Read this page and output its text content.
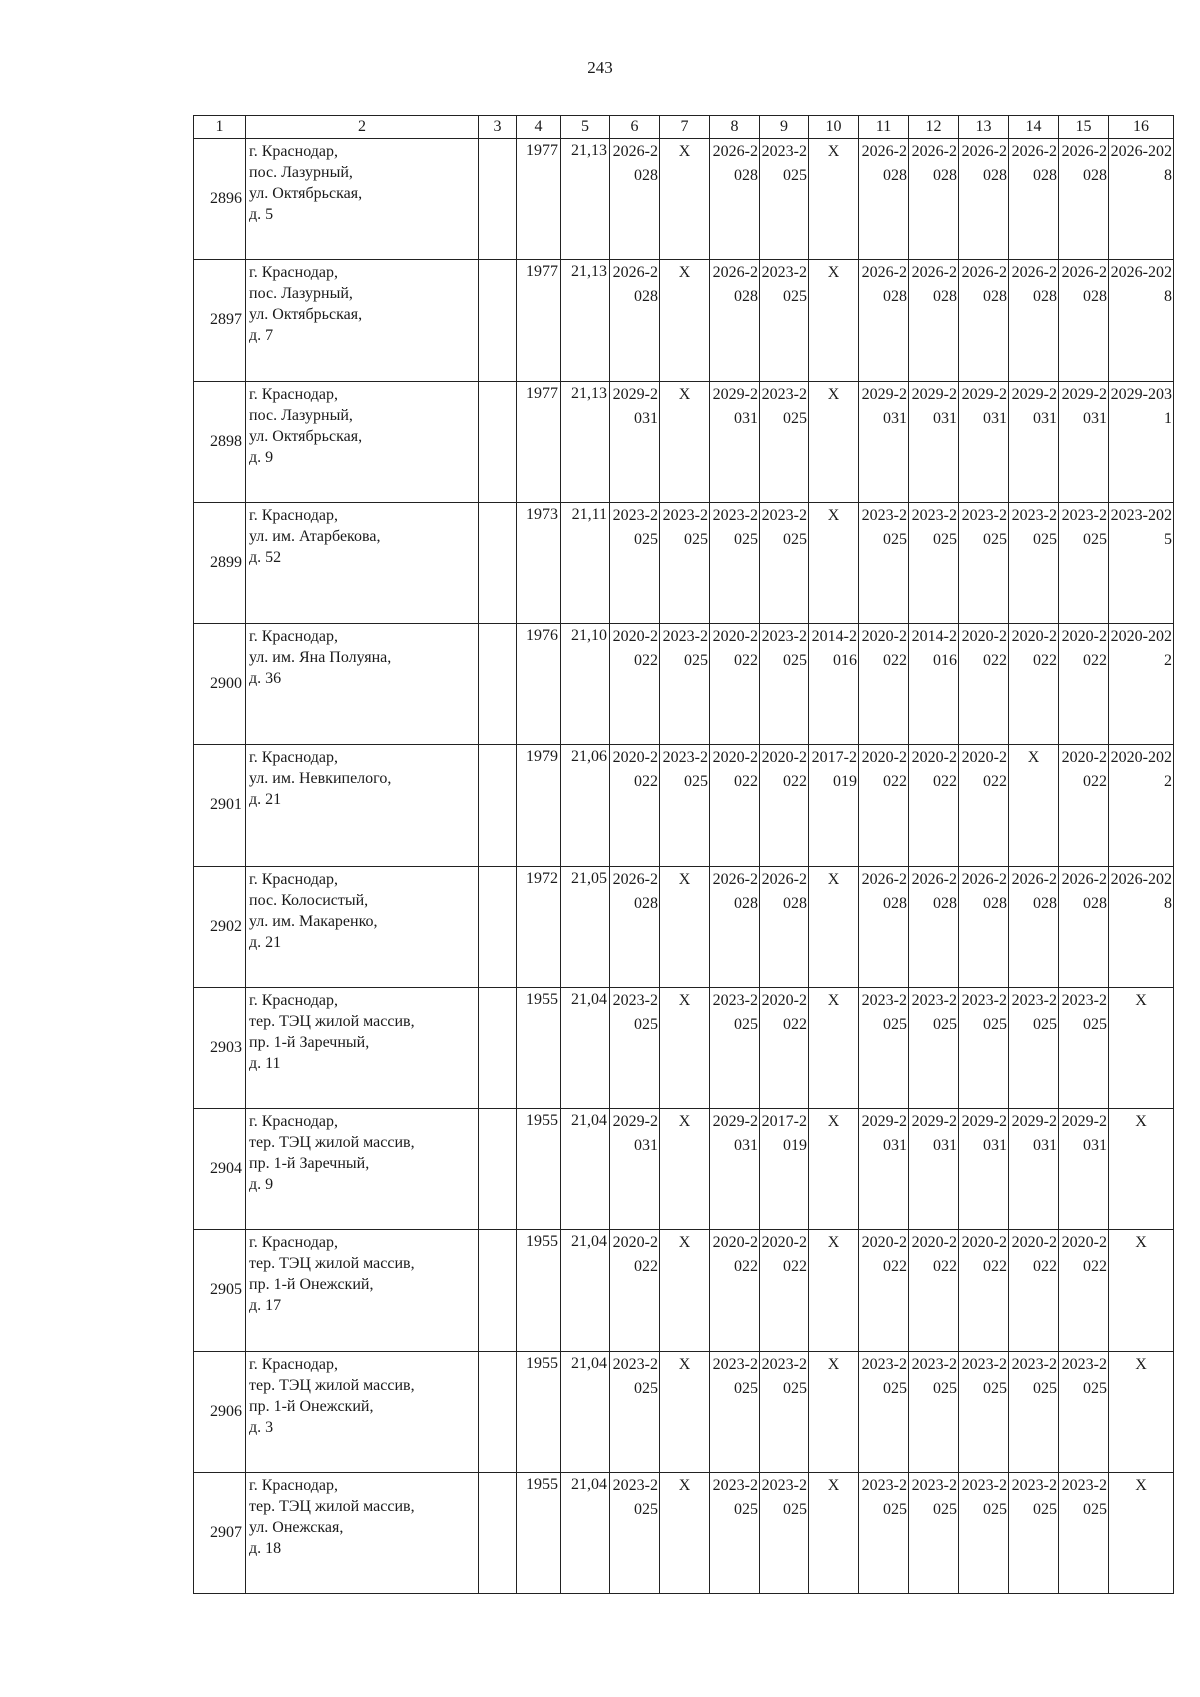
243
1	2	3	4	5	6	7	8	9	10	11	12	13	14	15	16
2896	г. Краснодар,
пос. Лазурный,
ул. Октябрьская,
д. 5		1977	21,13	2026-2028	X	2026-2028	2023-2025	X	2026-2028	2026-2028	2026-2028	2026-2028	2026-2028	2026-2028
2897	г. Краснодар,
пос. Лазурный,
ул. Октябрьская,
д. 7		1977	21,13	2026-2028	X	2026-2028	2023-2025	X	2026-2028	2026-2028	2026-2028	2026-2028	2026-2028	2026-2028
2898	г. Краснодар,
пос. Лазурный,
ул. Октябрьская,
д. 9		1977	21,13	2029-2031	X	2029-2031	2023-2025	X	2029-2031	2029-2031	2029-2031	2029-2031	2029-2031	2029-2031
2899	г. Краснодар,
ул. им. Атарбекова,
д. 52		1973	21,11	2023-2025	2023-2025	2023-2025	2023-2025	X	2023-2025	2023-2025	2023-2025	2023-2025	2023-2025	2023-2025
2900	г. Краснодар,
ул. им. Яна Полуяна,
д. 36		1976	21,10	2020-2022	2023-2025	2020-2022	2023-2025	2014-2016	2020-2022	2014-2016	2020-2022	2020-2022	2020-2022	2020-2022
2901	г. Краснодар,
ул. им. Невкипелого,
д. 21		1979	21,06	2020-2022	2023-2025	2020-2022	2020-2022	2017-2019	2020-2022	2020-2022	2020-2022	X	2020-2022	2020-2022
2902	г. Краснодар,
пос. Колосистый,
ул. им. Макаренко,
д. 21		1972	21,05	2026-2028	X	2026-2028	2026-2028	X	2026-2028	2026-2028	2026-2028	2026-2028	2026-2028	2026-2028
2903	г. Краснодар,
тер. ТЭЦ жилой массив,
пр. 1-й Заречный,
д. 11		1955	21,04	2023-2025	X	2023-2025	2020-2022	X	2023-2025	2023-2025	2023-2025	2023-2025	2023-2025	X
2904	г. Краснодар,
тер. ТЭЦ жилой массив,
пр. 1-й Заречный,
д. 9		1955	21,04	2029-2031	X	2029-2031	2017-2019	X	2029-2031	2029-2031	2029-2031	2029-2031	2029-2031	X
2905	г. Краснодар,
тер. ТЭЦ жилой массив,
пр. 1-й Онежский,
д. 17		1955	21,04	2020-2022	X	2020-2022	2020-2022	X	2020-2022	2020-2022	2020-2022	2020-2022	2020-2022	X
2906	г. Краснодар,
тер. ТЭЦ жилой массив,
пр. 1-й Онежский,
д. 3		1955	21,04	2023-2025	X	2023-2025	2023-2025	X	2023-2025	2023-2025	2023-2025	2023-2025	2023-2025	X
2907	г. Краснодар,
тер. ТЭЦ жилой массив,
ул. Онежская,
д. 18		1955	21,04	2023-2025	X	2023-2025	2023-2025	X	2023-2025	2023-2025	2023-2025	2023-2025	2023-2025	X
